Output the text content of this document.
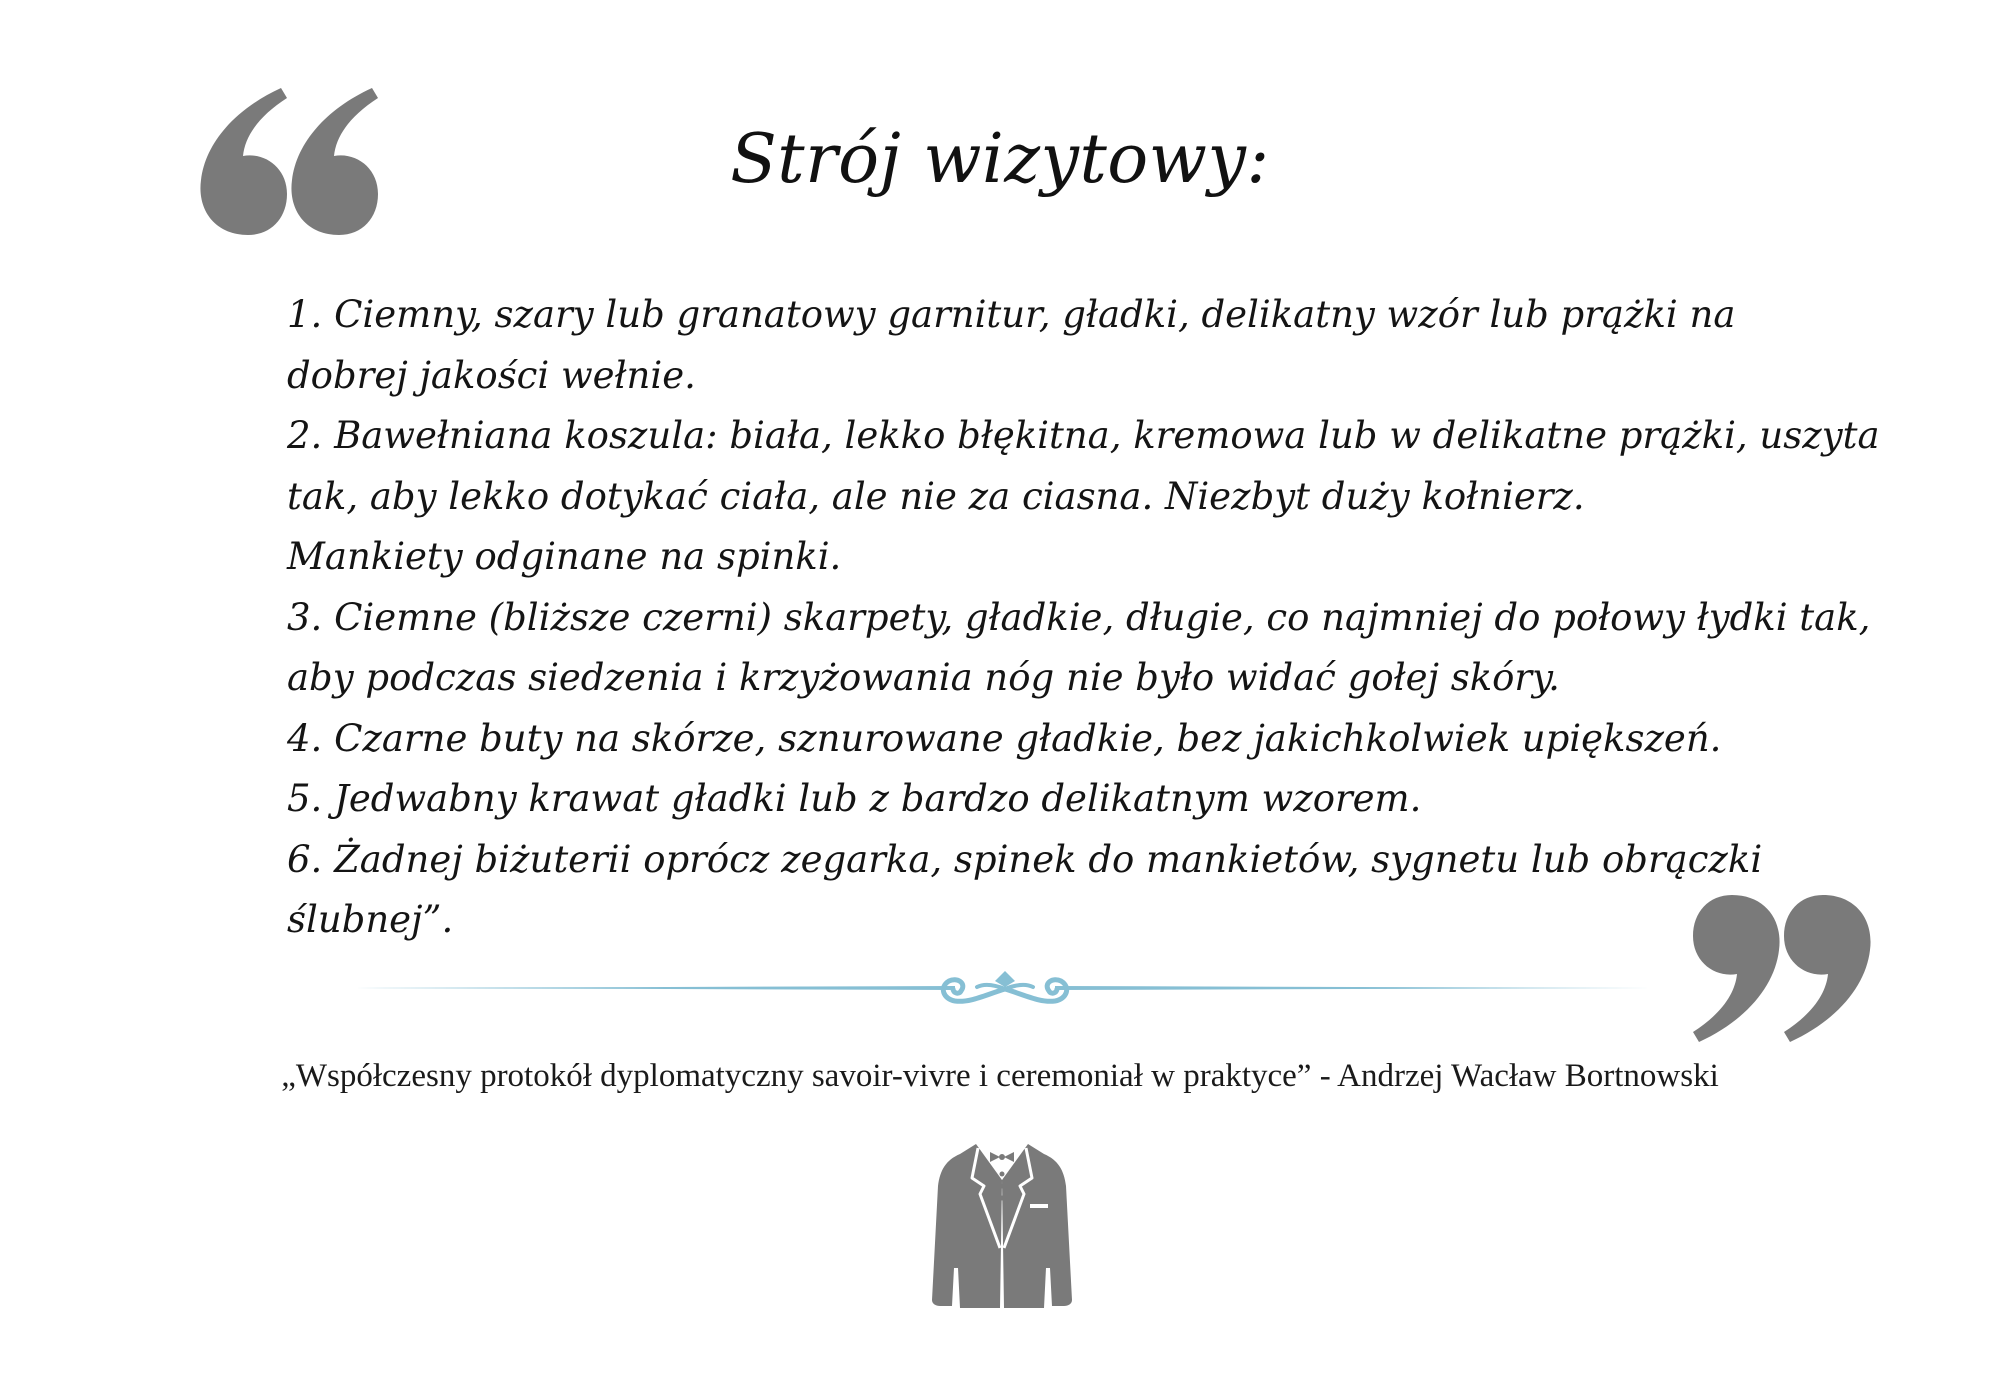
Strój wizytowy:
1. Ciemny, szary lub granatowy garnitur, gładki, delikatny wzór lub prążki na
dobrej jakości wełnie.
2. Bawełniana koszula: biała, lekko błękitna, kremowa lub w delikatne prążki, uszyta
tak, aby lekko dotykać ciała, ale nie za ciasna. Niezbyt duży kołnierz.
Mankiety odginane na spinki.
3. Ciemne (bliższe czerni) skarpety, gładkie, długie, co najmniej do połowy łydki tak,
aby podczas siedzenia i krzyżowania nóg nie było widać gołej skóry.
4. Czarne buty na skórze, sznurowane gładkie, bez jakichkolwiek upiększeń.
5. Jedwabny krawat gładki lub z bardzo delikatnym wzorem.
6. Żadnej biżuterii oprócz zegarka, spinek do mankietów, sygnetu lub obrączki
ślubnej”.
„Współczesny protokół dyplomatyczny savoir-vivre i ceremoniał w praktyce” - Andrzej Wacław Bortnowski
